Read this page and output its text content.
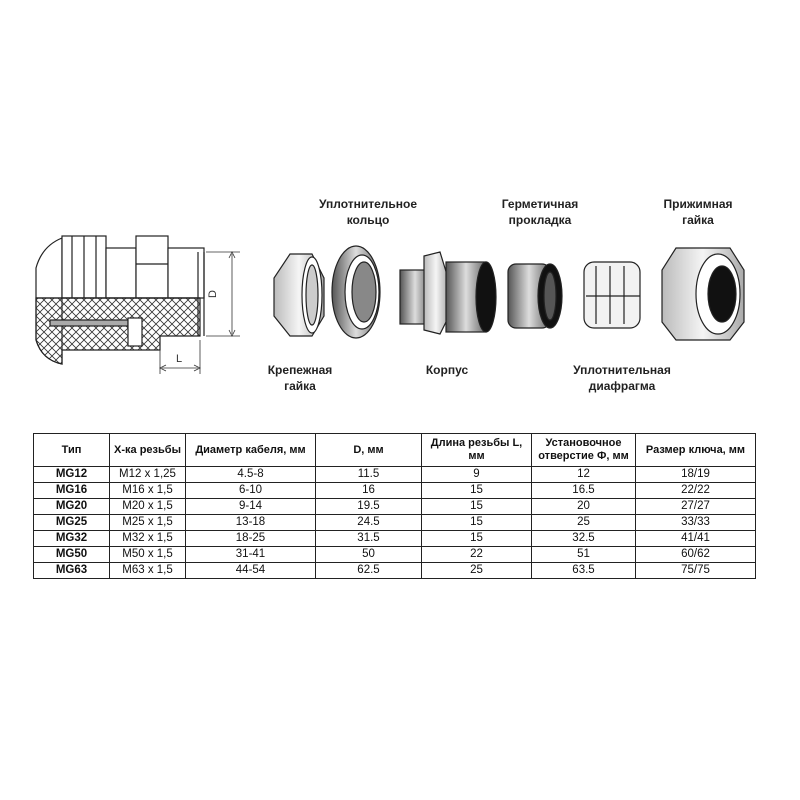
D
L
Уплотнительное
кольцо
Герметичная
прокладка
Прижимная
гайка
Крепежная
гайка
Корпус	Уплотнительная
диафрагма
Тип	Х-ка резьбы	Диаметр кабеля, мм	D, мм	Длина резьбы L, мм	Установочное отверстие Ф, мм	Размер ключа, мм
MG12	M12 x 1,25	4.5-8	11.5	9	12	18/19
MG16	M16 x 1,5	6-10	16	15	16.5	22/22
MG20	M20 x 1,5	9-14	19.5	15	20	27/27
MG25	M25 x 1,5	13-18	24.5	15	25	33/33
MG32	M32 x 1,5	18-25	31.5	15	32.5	41/41
MG50	M50 x 1,5	31-41	50	22	51	60/62
MG63	M63 x 1,5	44-54	62.5	25	63.5	75/75
